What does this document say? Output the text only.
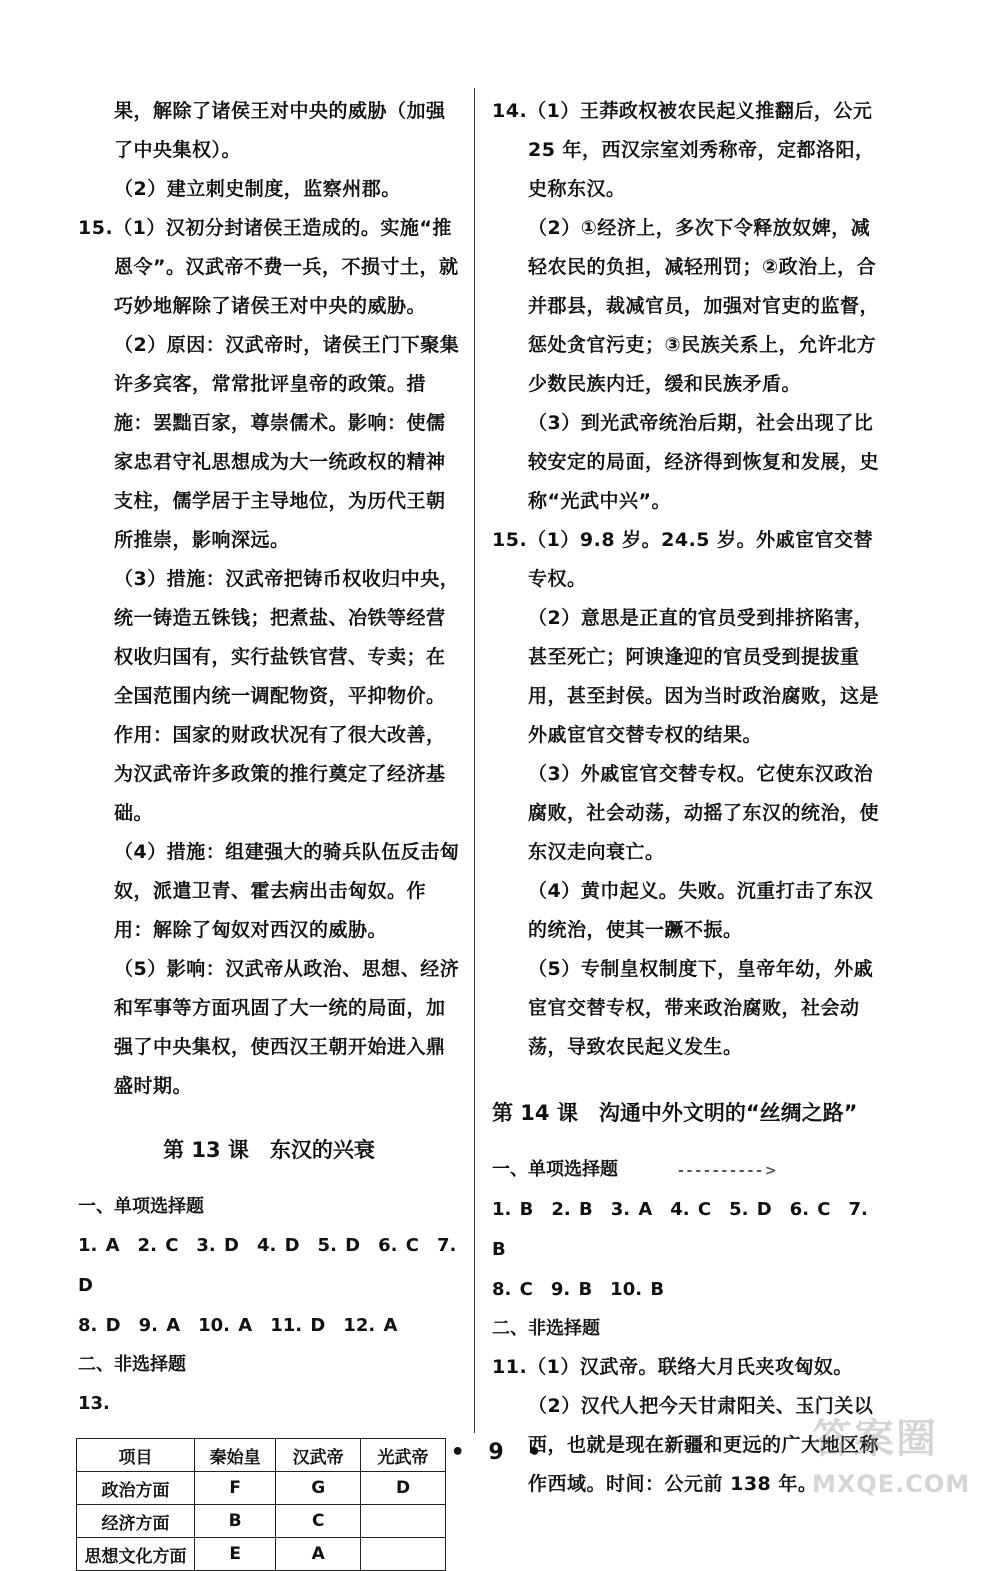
果，解除了诸侯王对中央的威胁（加强了中央集权）。

（2）建立刺史制度，监察州郡。

15.（1）汉初分封诸侯王造成的。实施“推恩令”。汉武帝不费一兵，不损寸土，就巧妙地解除了诸侯王对中央的威胁。

（2）原因：汉武帝时，诸侯王门下聚集许多宾客，常常批评皇帝的政策。措施：罢黜百家，尊崇儒术。影响：使儒家忠君守礼思想成为大一统政权的精神支柱，儒学居于主导地位，为历代王朝所推崇，影响深远。

（3）措施：汉武帝把铸币权收归中央，统一铸造五铢钱；把煮盐、冶铁等经营权收归国有，实行盐铁官营、专卖；在全国范围内统一调配物资，平抑物价。作用：国家的财政状况有了很大改善，为汉武帝许多政策的推行奠定了经济基础。

（4）措施：组建强大的骑兵队伍反击匈奴，派遣卫青、霍去病出击匈奴。作用：解除了匈奴对西汉的威胁。

（5）影响：汉武帝从政治、思想、经济和军事等方面巩固了大一统的局面，加强了中央集权，使西汉王朝开始进入鼎盛时期。

第 13 课　东汉的兴衰
一、单项选择题
1. A　2. C　3. D　4. D　5. D　6. C　7. D
8. D　9. A　10. A　11. D　12. A
二、非选择题
13.
项目	秦始皇	汉武帝	光武帝
政治方面	F	G	D
经济方面	B	C	
思想文化方面	E	A	

14.（1）王莽政权被农民起义推翻后，公元 25 年，西汉宗室刘秀称帝，定都洛阳，史称东汉。

（2）①经济上，多次下令释放奴婢，减轻农民的负担，减轻刑罚；②政治上，合并郡县，裁减官员，加强对官吏的监督，惩处贪官污吏；③民族关系上，允许北方少数民族内迁，缓和民族矛盾。

（3）到光武帝统治后期，社会出现了比较安定的局面，经济得到恢复和发展，史称“光武中兴”。

15.（1）9.8 岁。24.5 岁。外戚宦官交替专权。

（2）意思是正直的官员受到排挤陷害，甚至死亡；阿谀逢迎的官员受到提拔重用，甚至封侯。因为当时政治腐败，这是外戚宦官交替专权的结果。

（3）外戚宦官交替专权。它使东汉政治腐败，社会动荡，动摇了东汉的统治，使东汉走向衰亡。

（4）黄巾起义。失败。沉重打击了东汉的统治，使其一蹶不振。

（5）专制皇权制度下，皇帝年幼，外戚宦官交替专权，带来政治腐败，社会动荡，导致农民起义发生。

第 14 课　沟通中外文明的“丝绸之路”
一、单项选择题	- - - - - - - - - - >
1. B　2. B　3. A　4. C　5. D　6. C　7. B
8. C　9. B　10. B
二、非选择题

11.（1）汉武帝。联络大月氏夹攻匈奴。

（2）汉代人把今天甘肃阳关、玉门关以西，也就是现在新疆和更远的广大地区称作西域。时间：公元前 138 年。

• 9 •	答案圈
MXQE.COM
